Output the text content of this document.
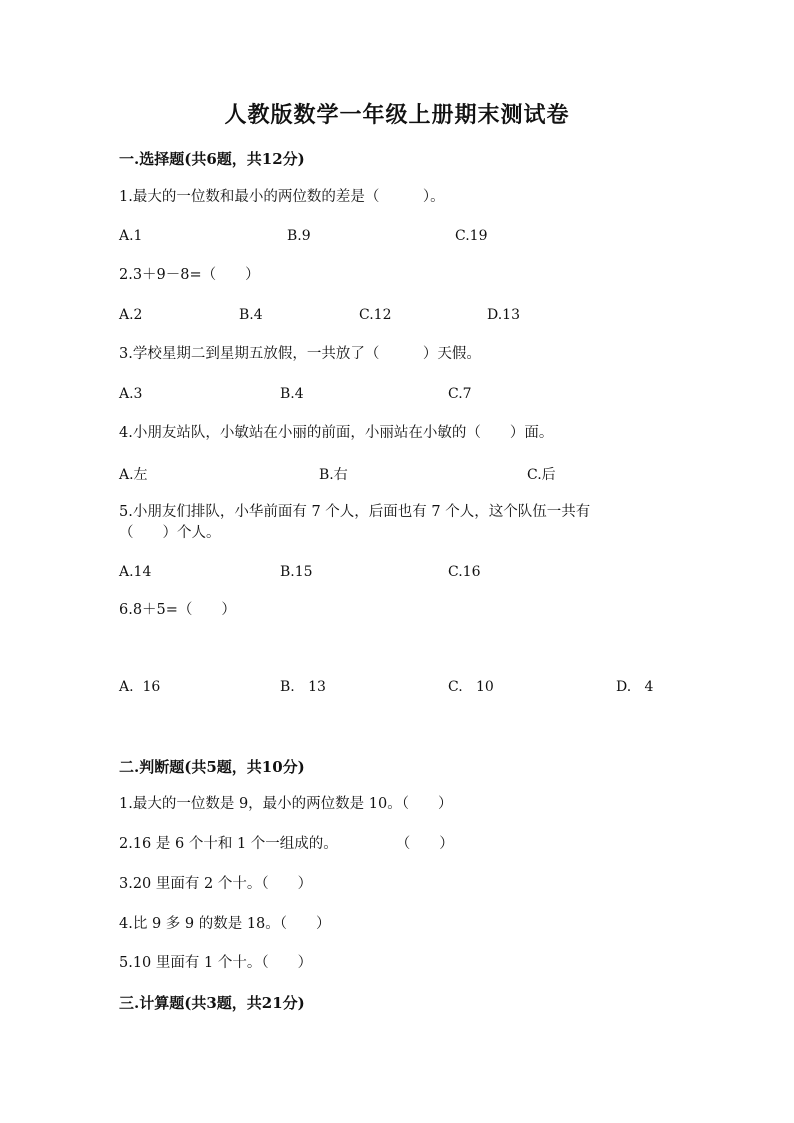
人教版数学一年级上册期末测试卷
一.选择题(共6题，共12分)
1.最大的一位数和最小的两位数的差是（　　　）。
A.1	B.9	C.19
2.3＋9－8=（　　）
A.2	B.4	C.12	D.13
3.学校星期二到星期五放假，一共放了（　　　）天假。
A.3	B.4	C.7
4.小朋友站队，小敏站在小丽的前面，小丽站在小敏的（　　）面。
A.左	B.右	C.后
5.小朋友们排队，小华前面有 7 个人，后面也有 7 个人，这个队伍一共有
（　　）个人。
A.14	B.15	C.16
6.8＋5=（　　）
A.  16	B.   13	C.   10	D.   4
二.判断题(共5题，共10分)
1.最大的一位数是 9，最小的两位数是 10。（　　）
2.16 是 6 个十和 1 个一组成的。　　　　　（　　）
3.20 里面有 2 个十。（　　）
4.比 9 多 9 的数是 18。（　　）
5.10 里面有 1 个十。（　　）
三.计算题(共3题，共21分)
